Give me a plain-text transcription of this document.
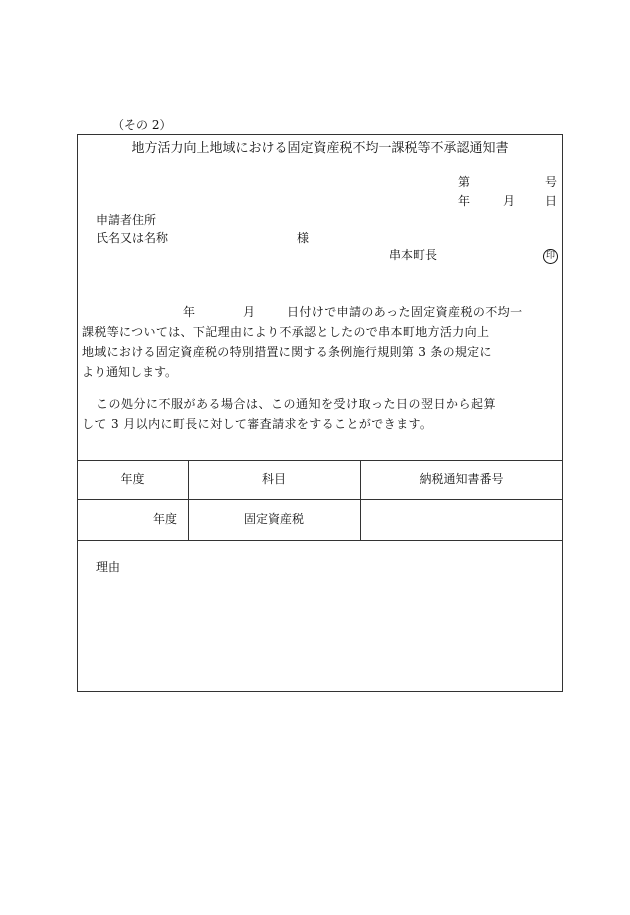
（その 2）
地方活力向上地域における固定資産税不均一課税等不承認通知書
第	号
年	月 日
申請者住所
氏名又は名称	様
串本町長	印
年	月	日付けで申請のあった固定資産税の不均一
課税等については、下記理由により不承認としたので串本町地方活力向上
地域における固定資産税の特別措置に関する条例施行規則第 3 条の規定に
より通知します。
この処分に不服がある場合は、この通知を受け取った日の翌日から起算
して 3 月以内に町長に対して審査請求をすることができます。
年度	科目	納税通知書番号
年度	固定資産税
理由
